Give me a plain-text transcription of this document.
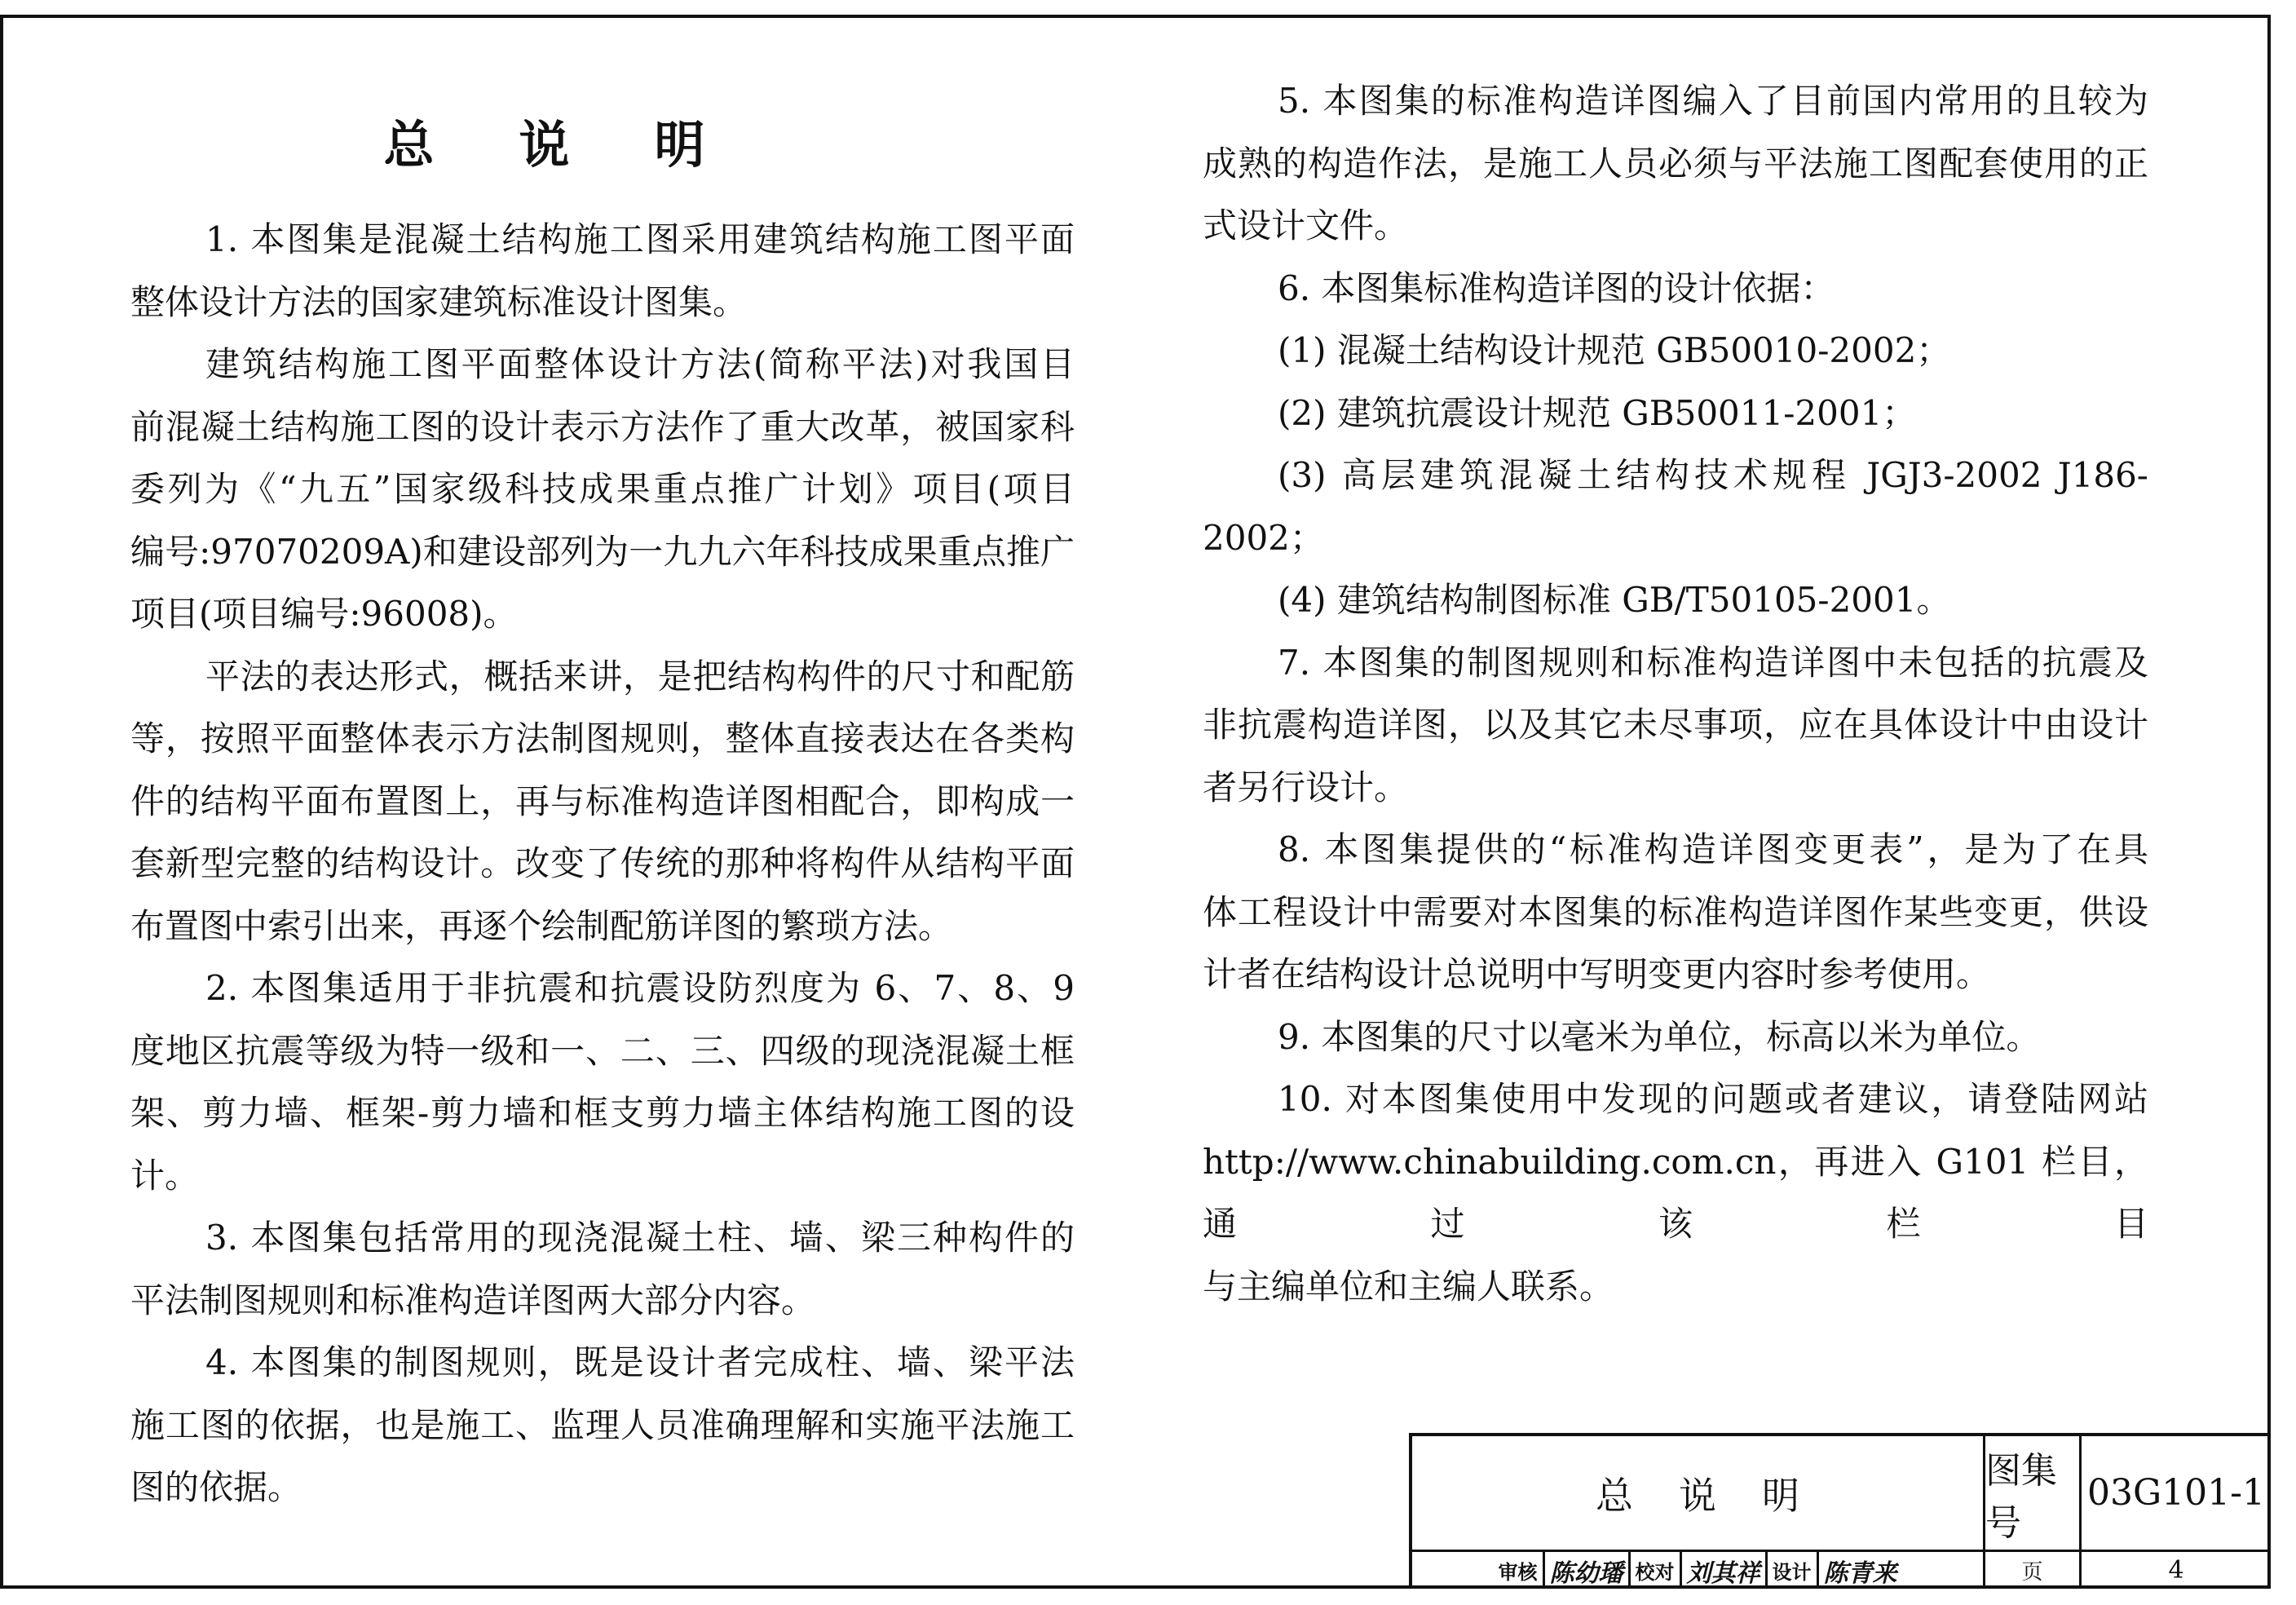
总 说 明

1. 本图集是混凝土结构施工图采用建筑结构施工图平面

整体设计方法的国家建筑标准设计图集。

建筑结构施工图平面整体设计方法(简称平法)对我国目

前混凝土结构施工图的设计表示方法作了重大改革，被国家科

委列为《“九五”国家级科技成果重点推广计划》项目(项目

编号:97070209A)和建设部列为一九九六年科技成果重点推广

项目(项目编号:96008)。

平法的表达形式，概括来讲，是把结构构件的尺寸和配筋

等，按照平面整体表示方法制图规则，整体直接表达在各类构

件的结构平面布置图上，再与标准构造详图相配合，即构成一

套新型完整的结构设计。改变了传统的那种将构件从结构平面

布置图中索引出来，再逐个绘制配筋详图的繁琐方法。

2. 本图集适用于非抗震和抗震设防烈度为 6、7、8、9

度地区抗震等级为特一级和一、二、三、四级的现浇混凝土框

架、剪力墙、框架-剪力墙和框支剪力墙主体结构施工图的设

计。

3. 本图集包括常用的现浇混凝土柱、墙、梁三种构件的

平法制图规则和标准构造详图两大部分内容。

4. 本图集的制图规则，既是设计者完成柱、墙、梁平法

施工图的依据，也是施工、监理人员准确理解和实施平法施工

图的依据。

5. 本图集的标准构造详图编入了目前国内常用的且较为

成熟的构造作法，是施工人员必须与平法施工图配套使用的正

式设计文件。

6. 本图集标准构造详图的设计依据：

(1) 混凝土结构设计规范 GB50010-2002；

(2) 建筑抗震设计规范 GB50011-2001；

(3) 高层建筑混凝土结构技术规程 JGJ3-2002 J186-2002；

(4) 建筑结构制图标准 GB/T50105-2001。

7. 本图集的制图规则和标准构造详图中未包括的抗震及

非抗震构造详图，以及其它未尽事项，应在具体设计中由设计

者另行设计。

8. 本图集提供的“标准构造详图变更表”，是为了在具

体工程设计中需要对本图集的标准构造详图作某些变更，供设

计者在结构设计总说明中写明变更内容时参考使用。

9. 本图集的尺寸以毫米为单位，标高以米为单位。

10. 对本图集使用中发现的问题或者建议，请登陆网站

http://www.chinabuilding.com.cn，再进入 G101 栏目，通过该栏目

与主编单位和主编人联系。

总 说 明
图集号
03G101-1
审核 陈幼璠 校对 刘其祥 设计 陈青来	页	4
